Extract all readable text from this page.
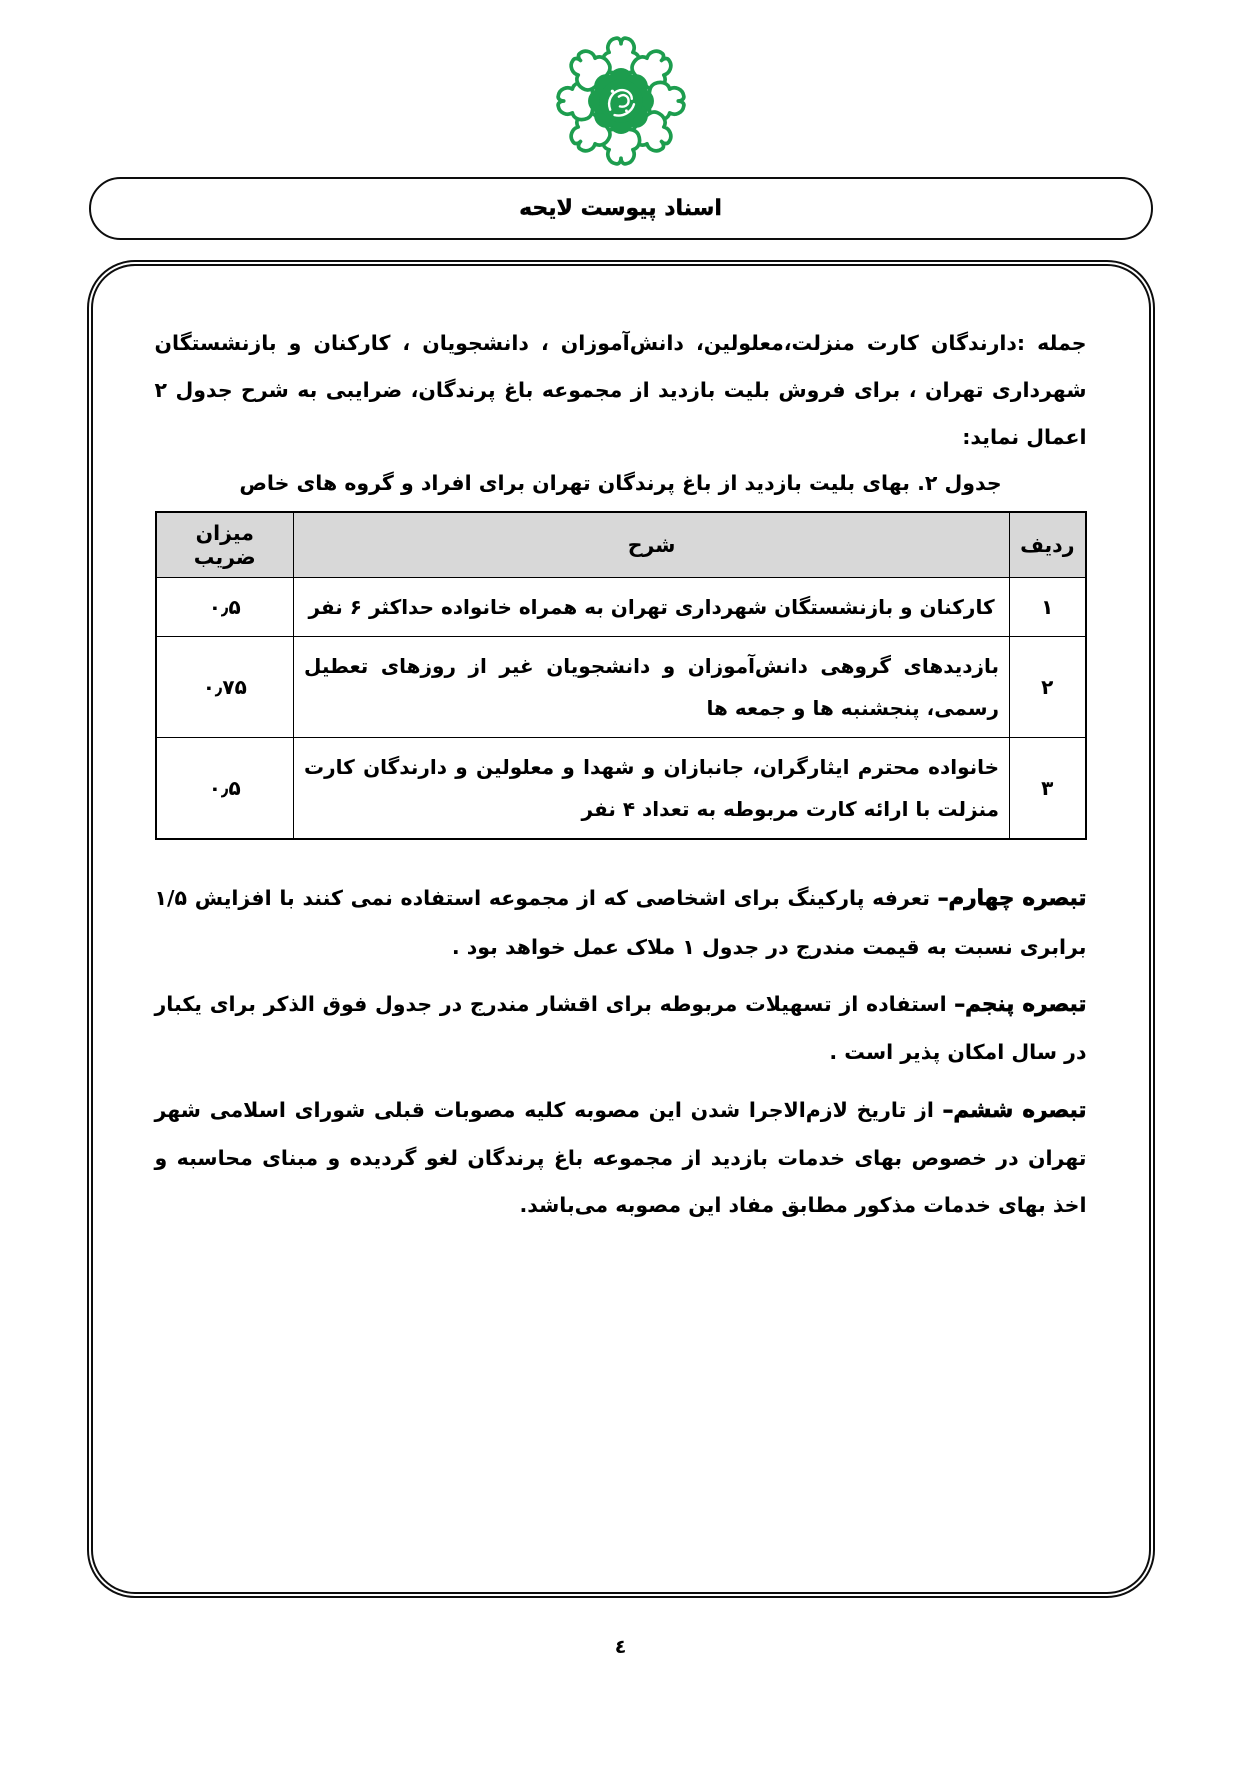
اسناد پیوست لایحه

جمله :دارندگان کارت منزلت،معلولین، دانش‌آموزان ، دانشجویان ، کارکنان و بازنشستگان شهرداری تهران ، برای فروش بلیت بازدید از مجموعه باغ پرندگان، ضرایبی به شرح جدول ۲ اعمال نماید:

جدول ۲. بهای بلیت بازدید از باغ پرندگان تهران برای افراد و گروه های خاص

ردیف	شرح	میزان ضریب
۱	کارکنان و بازنشستگان شهرداری تهران به همراه خانواده حداکثر ۶ نفر	۰٫۵
۲	بازدیدهای گروهی دانش‌آموزان و دانشجویان غیر از روزهای تعطیل رسمی، پنجشنبه ها و جمعه ها	۰٫۷۵
۳	خانواده محترم ایثارگران، جانبازان و شهدا و معلولین و دارندگان کارت منزلت با ارائه کارت مربوطه به تعداد ۴ نفر	۰٫۵

تبصره چهارم– تعرفه پارکینگ برای اشخاصی که از مجموعه استفاده نمی کنند با افزایش ۱/۵ برابری نسبت به قیمت مندرج در جدول ۱ ملاک عمل خواهد بود .

تبصره پنجم– استفاده از تسهیلات مربوطه برای اقشار مندرج در جدول فوق الذکر برای یکبار در سال امکان پذیر است .

تبصره ششم– از تاریخ لازم‌الاجرا شدن این مصوبه کلیه مصوبات قبلی شورای اسلامی شهر تهران در خصوص بهای خدمات بازدید از مجموعه باغ پرندگان لغو گردیده و مبنای محاسبه و اخذ بهای خدمات مذکور مطابق مفاد این مصوبه می‌باشد.

٤
